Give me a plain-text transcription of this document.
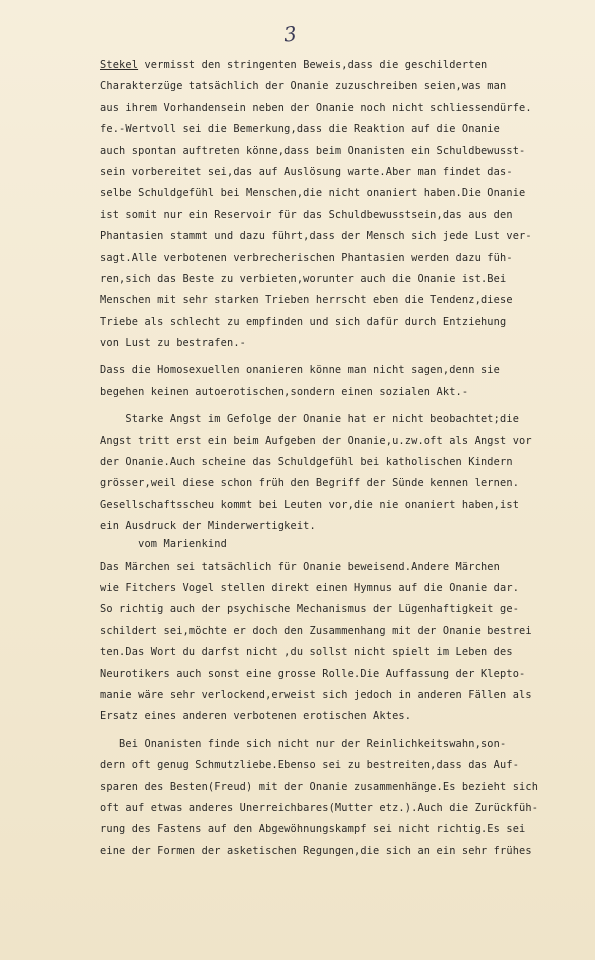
3
Stekel vermisst den stringenten Beweis,dass die geschilderten
Charakterzüge tatsächlich der Onanie zuzuschreiben seien,was man
aus ihrem Vorhandensein neben der Onanie noch nicht schliessendürfe.
fe.-Wertvoll sei die Bemerkung,dass die Reaktion auf die Onanie
auch spontan auftreten könne,dass beim Onanisten ein Schuldbewusst-
sein vorbereitet sei,das auf Auslösung warte.Aber man findet das-
selbe Schuldgefühl bei Menschen,die nicht onaniert haben.Die Onanie
ist somit nur ein Reservoir für das Schuldbewusstsein,das aus den
Phantasien stammt und dazu führt,dass der Mensch sich jede Lust ver-
sagt.Alle verbotenen verbrecherischen Phantasien werden dazu füh-
ren,sich das Beste zu verbieten,worunter auch die Onanie ist.Bei
Menschen mit sehr starken Trieben herrscht eben die Tendenz,diese
Triebe als schlecht zu empfinden und sich dafür durch Entziehung
von Lust zu bestrafen.-
Dass die Homosexuellen onanieren könne man nicht sagen,denn sie
begehen keinen autoerotischen,sondern einen sozialen Akt.-
Starke Angst im Gefolge der Onanie hat er nicht beobachtet;die
Angst tritt erst ein beim Aufgeben der Onanie,u.zw.oft als Angst vor
der Onanie.Auch scheine das Schuldgefühl bei katholischen Kindern
grösser,weil diese schon früh den Begriff der Sünde kennen lernen.
Gesellschaftsscheu kommt bei Leuten vor,die nie onaniert haben,ist
ein Ausdruck der Minderwertigkeit.
vom Marienkind
Das Märchen sei tatsächlich für Onanie beweisend.Andere Märchen
wie Fitchers Vogel stellen direkt einen Hymnus auf die Onanie dar.
So richtig auch der psychische Mechanismus der Lügenhaftigkeit ge-
schildert sei,möchte er doch den Zusammenhang mit der Onanie bestrei
ten.Das Wort du darfst nicht ,du sollst nicht spielt im Leben des
Neurotikers auch sonst eine grosse Rolle.Die Auffassung der Klepto-
manie wäre sehr verlockend,erweist sich jedoch in anderen Fällen als
Ersatz eines anderen verbotenen erotischen Aktes.
Bei Onanisten finde sich nicht nur der Reinlichkeitswahn,son-
dern oft genug Schmutzliebe.Ebenso sei zu bestreiten,dass das Auf-
sparen des Besten(Freud) mit der Onanie zusammenhänge.Es bezieht sich
oft auf etwas anderes Unerreichbares(Mutter etz.).Auch die Zurückfüh-
rung des Fastens auf den Abgewöhnungskampf sei nicht richtig.Es sei
eine der Formen der asketischen Regungen,die sich an ein sehr frühes
